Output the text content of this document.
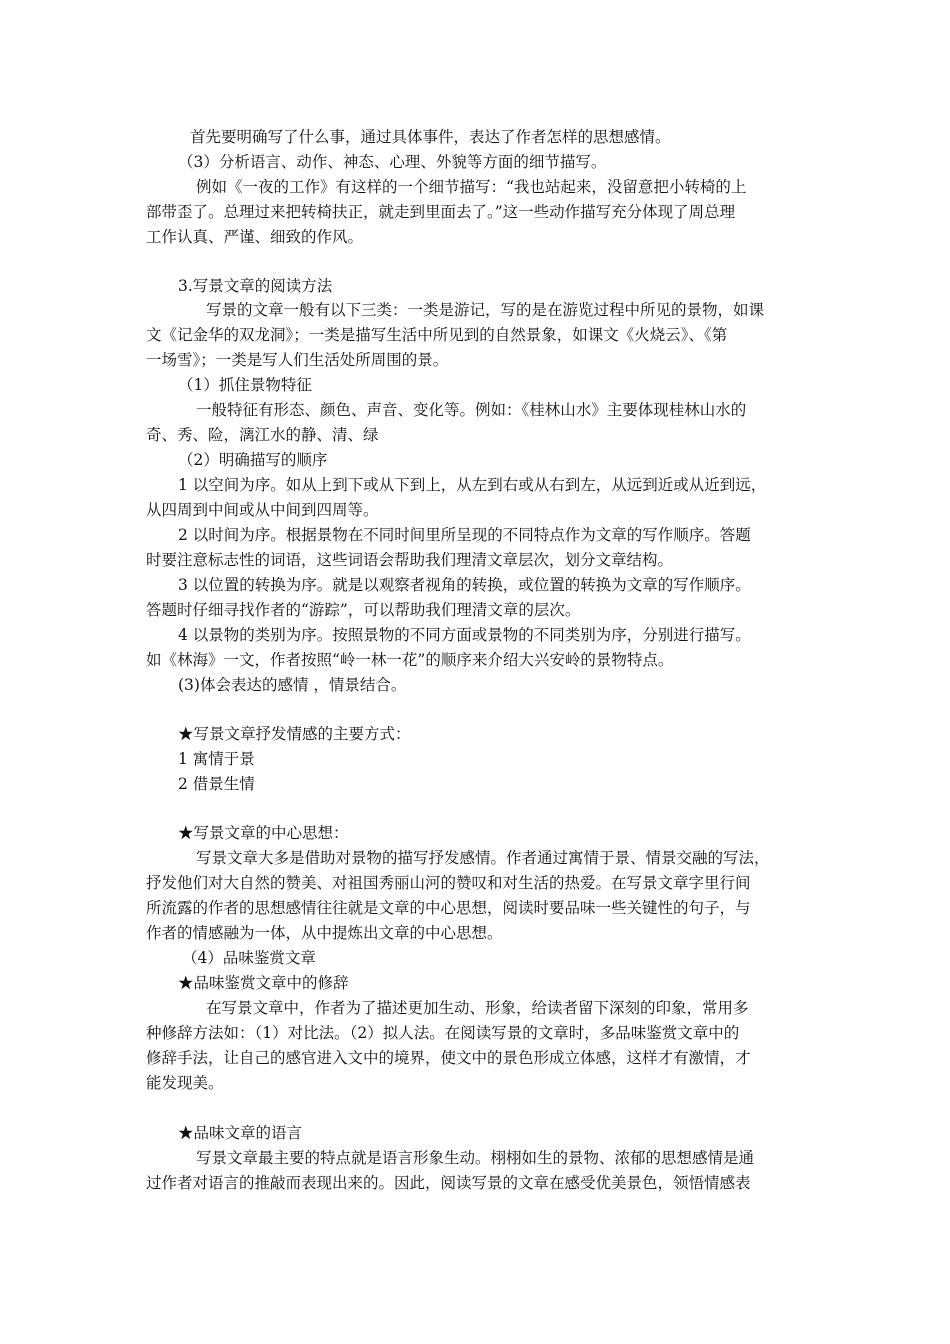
首先要明确写了什么事，通过具体事件，表达了作者怎样的思想感情。
（3）分析语言、动作、神态、心理、外貌等方面的细节描写。
例如《一夜的工作》有这样的一个细节描写：“我也站起来，没留意把小转椅的上
部带歪了。总理过来把转椅扶正，就走到里面去了。”这一些动作描写充分体现了周总理
工作认真、严谨、细致的作风。
3.写景文章的阅读方法
写景的文章一般有以下三类：一类是游记，写的是在游览过程中所见的景物，如课
文《记金华的双龙洞》；一类是描写生活中所见到的自然景象，如课文《火烧云》、《第
一场雪》；一类是写人们生活处所周围的景。
（1）抓住景物特征
一般特征有形态、颜色、声音、变化等。例如：《桂林山水》主要体现桂林山水的
奇、秀、险，漓江水的静、清、绿
（2）明确描写的顺序
1 以空间为序。如从上到下或从下到上，从左到右或从右到左，从远到近或从近到远，
从四周到中间或从中间到四周等。
2 以时间为序。根据景物在不同时间里所呈现的不同特点作为文章的写作顺序。答题
时要注意标志性的词语，这些词语会帮助我们理清文章层次，划分文章结构。
3 以位置的转换为序。就是以观察者视角的转换，或位置的转换为文章的写作顺序。
答题时仔细寻找作者的“游踪”，可以帮助我们理清文章的层次。
4 以景物的类别为序。按照景物的不同方面或景物的不同类别为序，分别进行描写。
如《林海》一文，作者按照“岭一林一花”的顺序来介绍大兴安岭的景物特点。
(3)体会表达的感情 ，情景结合。
★写景文章抒发情感的主要方式：
1 寓情于景
2 借景生情
★写景文章的中心思想：
写景文章大多是借助对景物的描写抒发感情。作者通过寓情于景、情景交融的写法，
抒发他们对大自然的赞美、对祖国秀丽山河的赞叹和对生活的热爱。在写景文章字里行间
所流露的作者的思想感情往往就是文章的中心思想，阅读时要品味一些关键性的句子，与
作者的情感融为一体，从中提炼出文章的中心思想。
（4）品味鉴赏文章
★品味鉴赏文章中的修辞
在写景文章中，作者为了描述更加生动、形象，给读者留下深刻的印象，常用多
种修辞方法如：（1）对比法。（2）拟人法。在阅读写景的文章时，多品味鉴赏文章中的
修辞手法，让自己的感官进入文中的境界，使文中的景色形成立体感，这样才有激情，才
能发现美。
★品味文章的语言
写景文章最主要的特点就是语言形象生动。栩栩如生的景物、浓郁的思想感情是通
过作者对语言的推敲而表现出来的。因此，阅读写景的文章在感受优美景色，领悟情感表
